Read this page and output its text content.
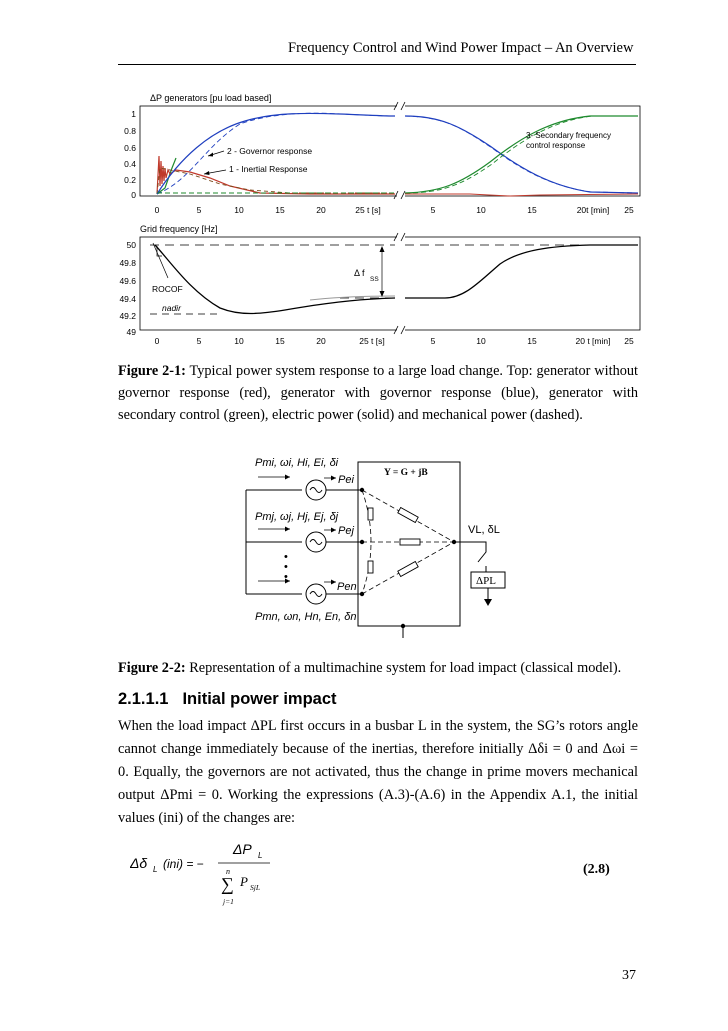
Frequency Control and Wind Power Impact – An Overview
ΔP generators [pu load based]
1
0.8
0.6
0.4
0.2
0
0	5	10	15	20	25 t [s]	5	10	15	20t [min] 25
2 - Governor response
1 - Inertial Response
3- Secondary frequency
control response
Grid frequency [Hz]
50
49.8
49.6
49.4
49.2
49
0	5	10	15	20	25 t [s]	5	10	15	20 t [min] 25
ROCOF
nadir
Δ f
SS
Figure 2-1: Typical power system response to a large load change. Top: generator without governor response (red), generator with governor response (blue), generator with secondary control (green), electric power (solid) and mechanical power (dashed).
Pmi, ωi, Hi, Ei, δi
Pmj, ωj, Hj, Ej, δj
Pmn, ωn, Hn, En, δn
Pei
Pej
Pen
VL, δL
•
•
•
Y = G + jB
ΔPL
Figure 2-2: Representation of a multimachine system for load impact (classical model).
2.1.1.1 Initial power impact
When the load impact ΔPL first occurs in a busbar L in the system, the SG’s rotors angle cannot change immediately because of the inertias, therefore initially Δδi = 0 and Δωi = 0. Equally, the governors are not activated, thus the change in prime movers mechanical output ΔPmi = 0. Working the expressions (A.3)-(A.6) in the Appendix A.1, the initial values (ini) of the changes are:
Δδ L (ini) = −
ΔP L
n
∑
j=1
P SjL
(2.8)
37
